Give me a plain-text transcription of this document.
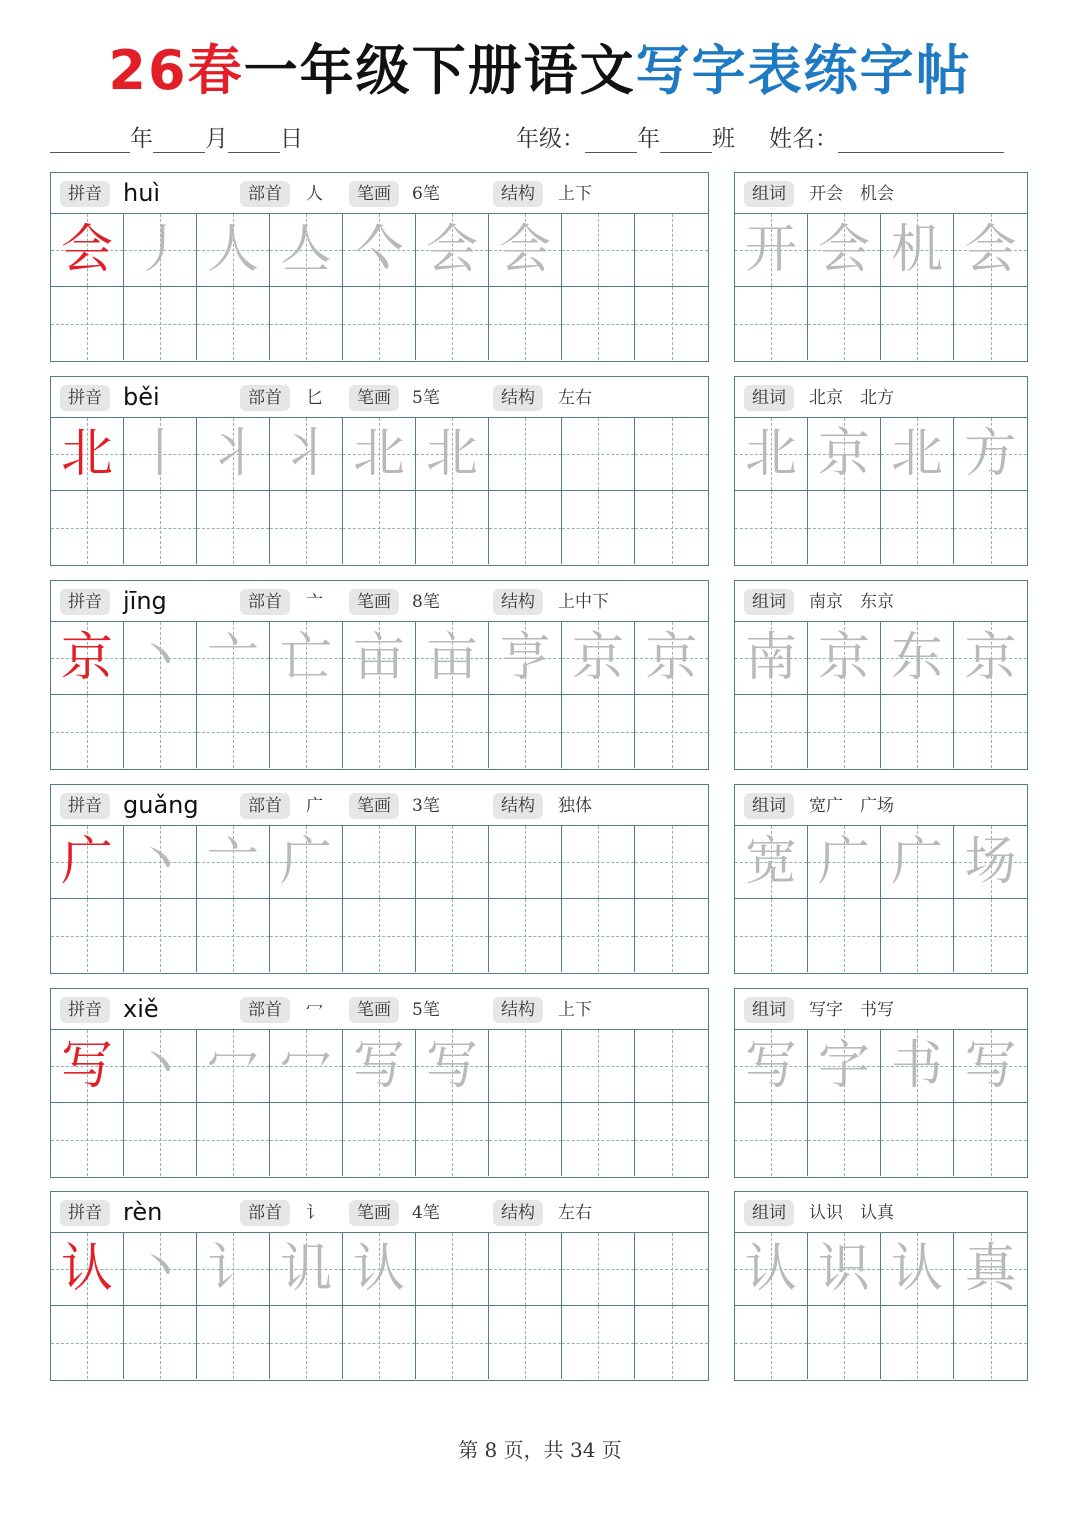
26春一年级下册语文写字表练字帖
年 月 日	年级： 年 班 姓名：
拼音 huì	部首	人	笔画	6笔	结构	上下
会 丿 人 亼 亽 会 会
组词	开会　机会
开 会 机 会
拼音 běi	部首	匕	笔画	5笔	结构	左右
北 丨 丬 丬 北 北
组词	北京　北方
北 京 北 方
拼音 jīng	部首	亠	笔画	8笔	结构	上中下
京 丶 亠 亡 亩 亩 亨 京 京
组词	南京　东京
南 京 东 京
拼音 guǎng	部首	广	笔画	3笔	结构	独体
广 丶 亠 广
组词	宽广　广场
宽 广 广 场
拼音 xiě	部首	冖	笔画	5笔	结构	上下
写 丶 冖 冖 写 写
组词	写字　书写
写 字 书 写
拼音 rèn	部首	讠	笔画	4笔	结构	左右
认 丶 讠 讥 认
组词	认识　认真
认 识 认 真
第 8 页，共 34 页
